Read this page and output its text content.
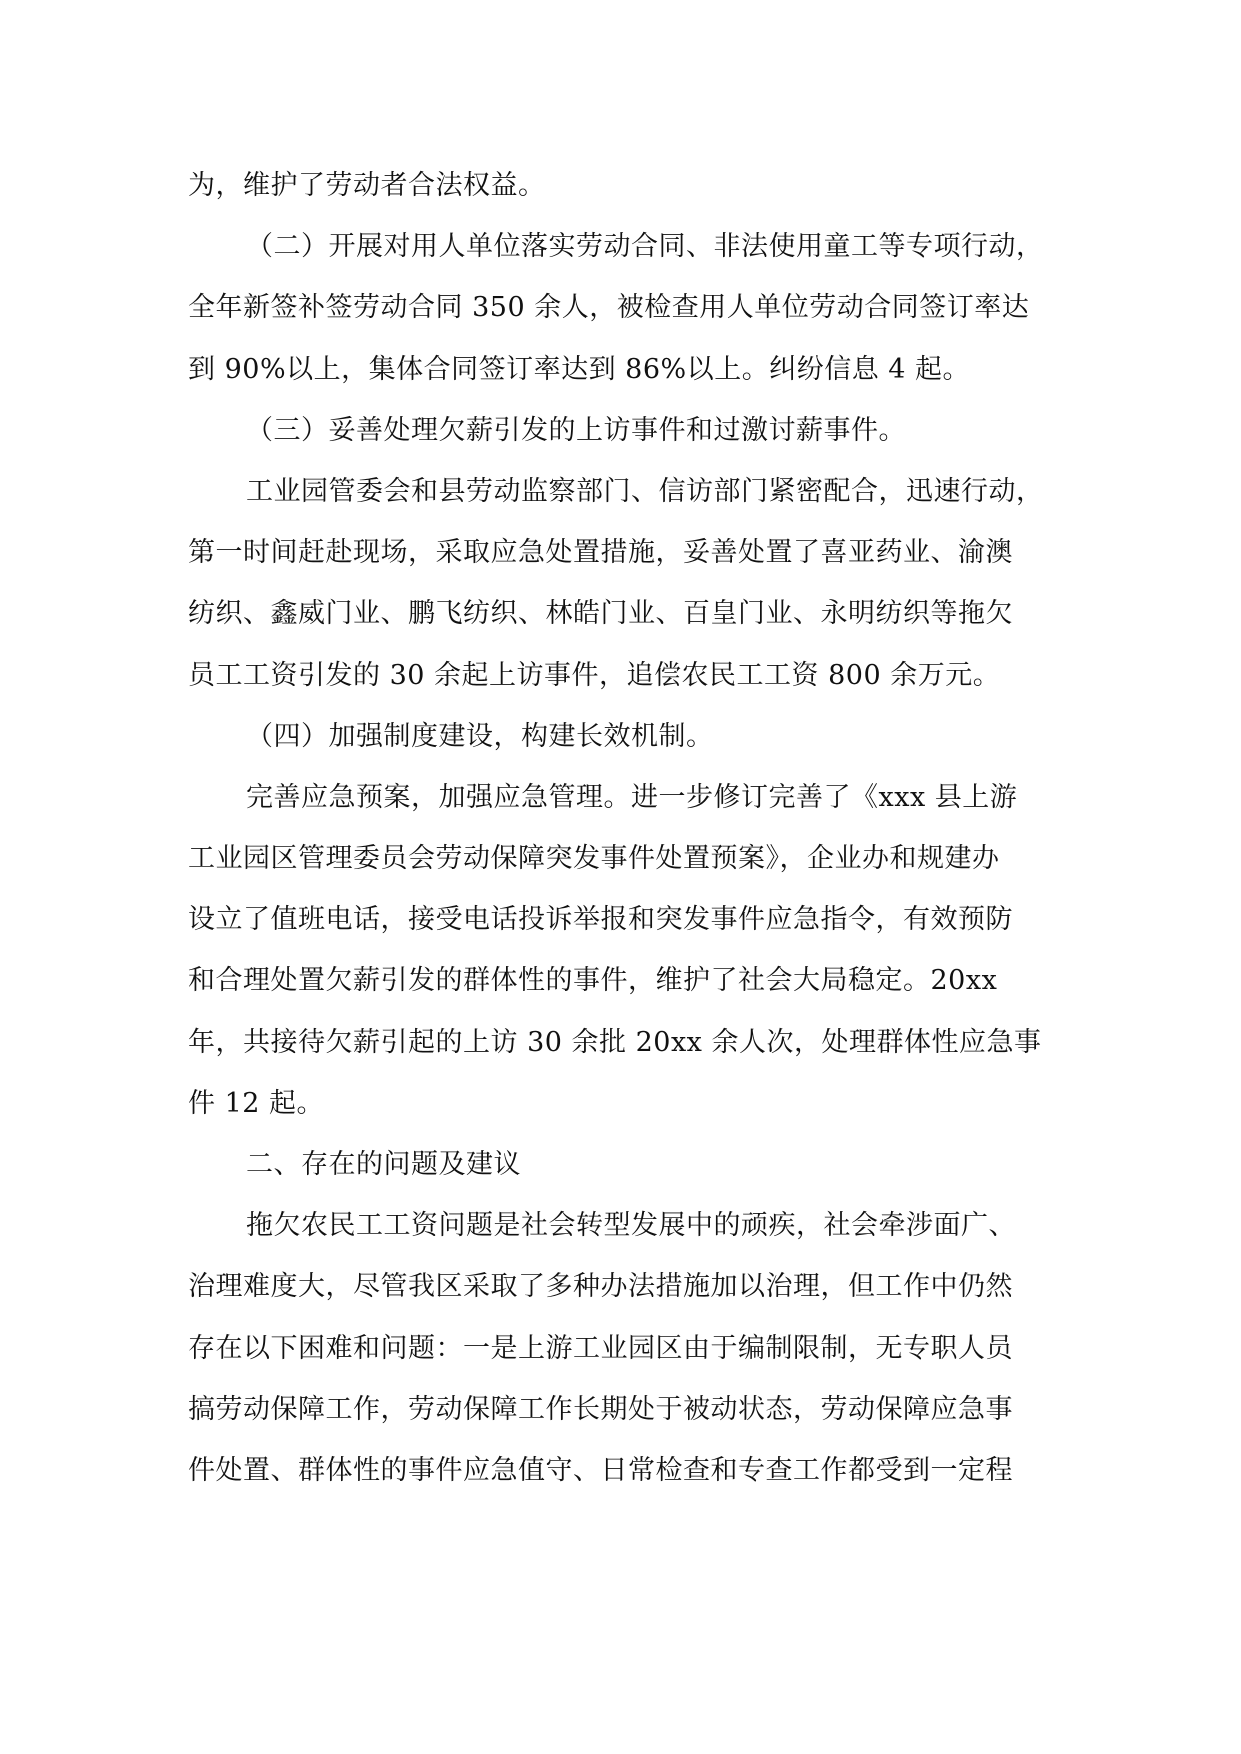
为，维护了劳动者合法权益。
（二）开展对用人单位落实劳动合同、非法使用童工等专项行动，
全年新签补签劳动合同 350 余人，被检查用人单位劳动合同签订率达
到 90%以上，集体合同签订率达到 86%以上。纠纷信息 4 起。
（三）妥善处理欠薪引发的上访事件和过激讨薪事件。
工业园管委会和县劳动监察部门、信访部门紧密配合，迅速行动，
第一时间赶赴现场，采取应急处置措施，妥善处置了喜亚药业、渝澳
纺织、鑫威门业、鹏飞纺织、林皓门业、百皇门业、永明纺织等拖欠
员工工资引发的 30 余起上访事件，追偿农民工工资 800 余万元。
（四）加强制度建设，构建长效机制。
完善应急预案，加强应急管理。进一步修订完善了《xxx 县上游
工业园区管理委员会劳动保障突发事件处置预案》，企业办和规建办
设立了值班电话，接受电话投诉举报和突发事件应急指令，有效预防
和合理处置欠薪引发的群体性的事件，维护了社会大局稳定。20xx
年，共接待欠薪引起的上访 30 余批 20xx 余人次，处理群体性应急事
件 12 起。
二、存在的问题及建议
拖欠农民工工资问题是社会转型发展中的顽疾，社会牵涉面广、
治理难度大，尽管我区采取了多种办法措施加以治理，但工作中仍然
存在以下困难和问题：一是上游工业园区由于编制限制，无专职人员
搞劳动保障工作，劳动保障工作长期处于被动状态，劳动保障应急事
件处置、群体性的事件应急值守、日常检查和专查工作都受到一定程
